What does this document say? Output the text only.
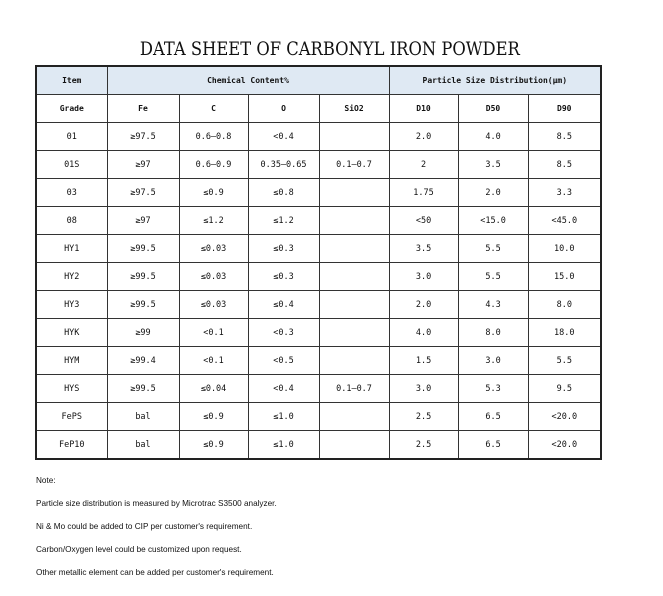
DATA SHEET OF CARBONYL IRON POWDER
Item	Chemical Content%				Particle Size Distribution(μm)		
Grade	Fe	C	O	SiO2	D10	D50	D90
01	≥97.5	0.6–0.8	<0.4		2.0	4.0	8.5
01S	≥97	0.6–0.9	0.35–0.65	0.1–0.7	2	3.5	8.5
03	≥97.5	≤0.9	≤0.8		1.75	2.0	3.3
08	≥97	≤1.2	≤1.2		<50	<15.0	<45.0
HY1	≥99.5	≤0.03	≤0.3		3.5	5.5	10.0
HY2	≥99.5	≤0.03	≤0.3		3.0	5.5	15.0
HY3	≥99.5	≤0.03	≤0.4		2.0	4.3	8.0
HYK	≥99	<0.1	<0.3		4.0	8.0	18.0
HYM	≥99.4	<0.1	<0.5		1.5	3.0	5.5
HYS	≥99.5	≤0.04	<0.4	0.1–0.7	3.0	5.3	9.5
FePS	bal	≤0.9	≤1.0		2.5	6.5	<20.0
FeP10	bal	≤0.9	≤1.0		2.5	6.5	<20.0

Note:

Particle size distribution is measured by Microtrac S3500 analyzer.

Ni & Mo could be added to CIP per customer's requirement.

Carbon/Oxygen level could be customized upon request.

Other metallic element can be added per customer's requirement.
